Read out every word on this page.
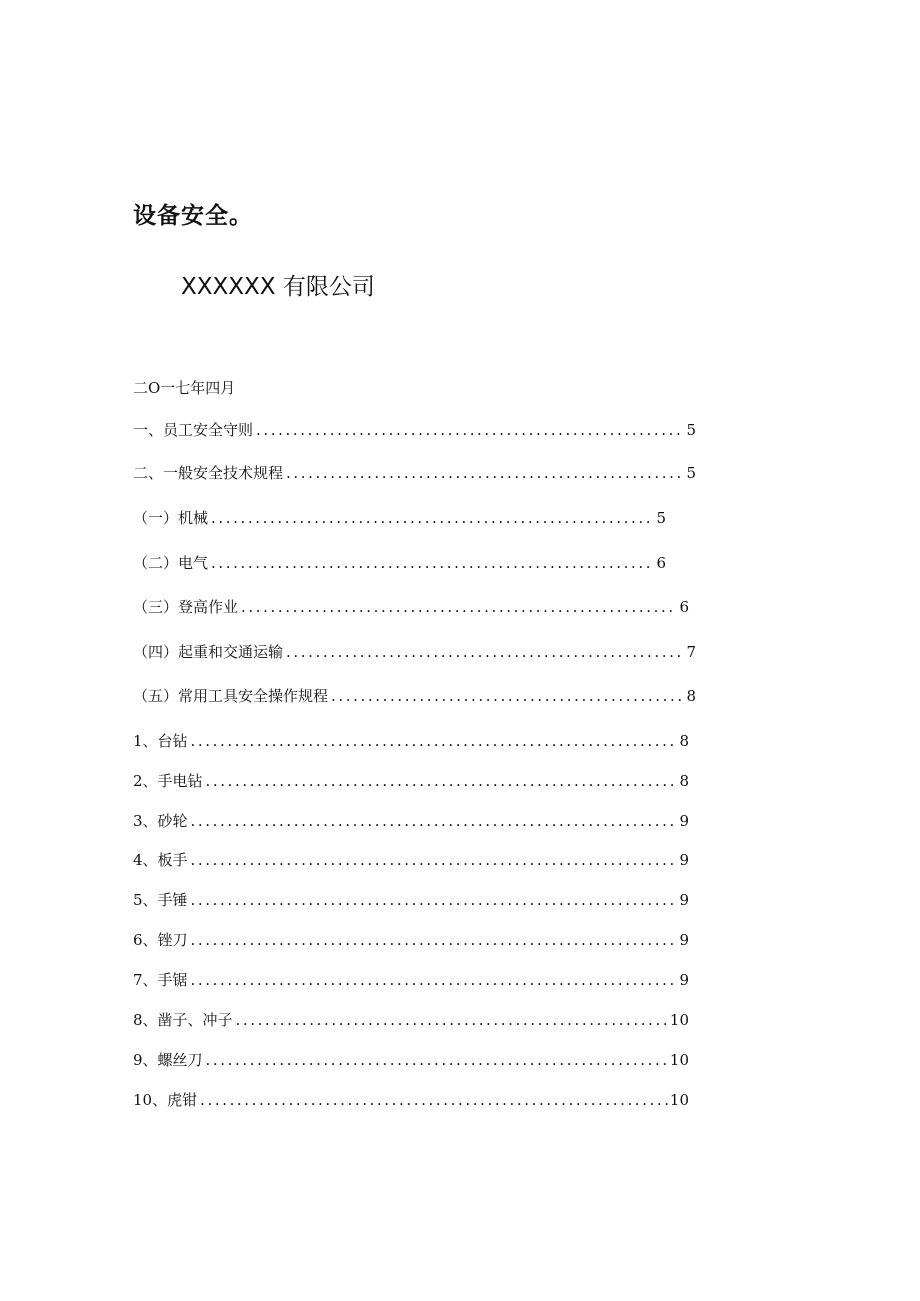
设备安全。
XXXXXX 有限公司
二O一七年四月
一、员工安全守则 .....	5
二、一般安全技术规程 .....	5
（一）机械 .....	5
（二）电气 .....	6
（三）登高作业 .....	6
（四）起重和交通运输 .....	7
（五）常用工具安全操作规程 .....	8
1、台钻 .....	8
2、手电钻 .....	8
3、砂轮 .....	9
4、板手 .....	9
5、手锤 .....	9
6、锉刀 .....	9
7、手锯 .....	9
8、凿子、冲子 .....	10
9、螺丝刀 .....	10
10、虎钳 .....	10
